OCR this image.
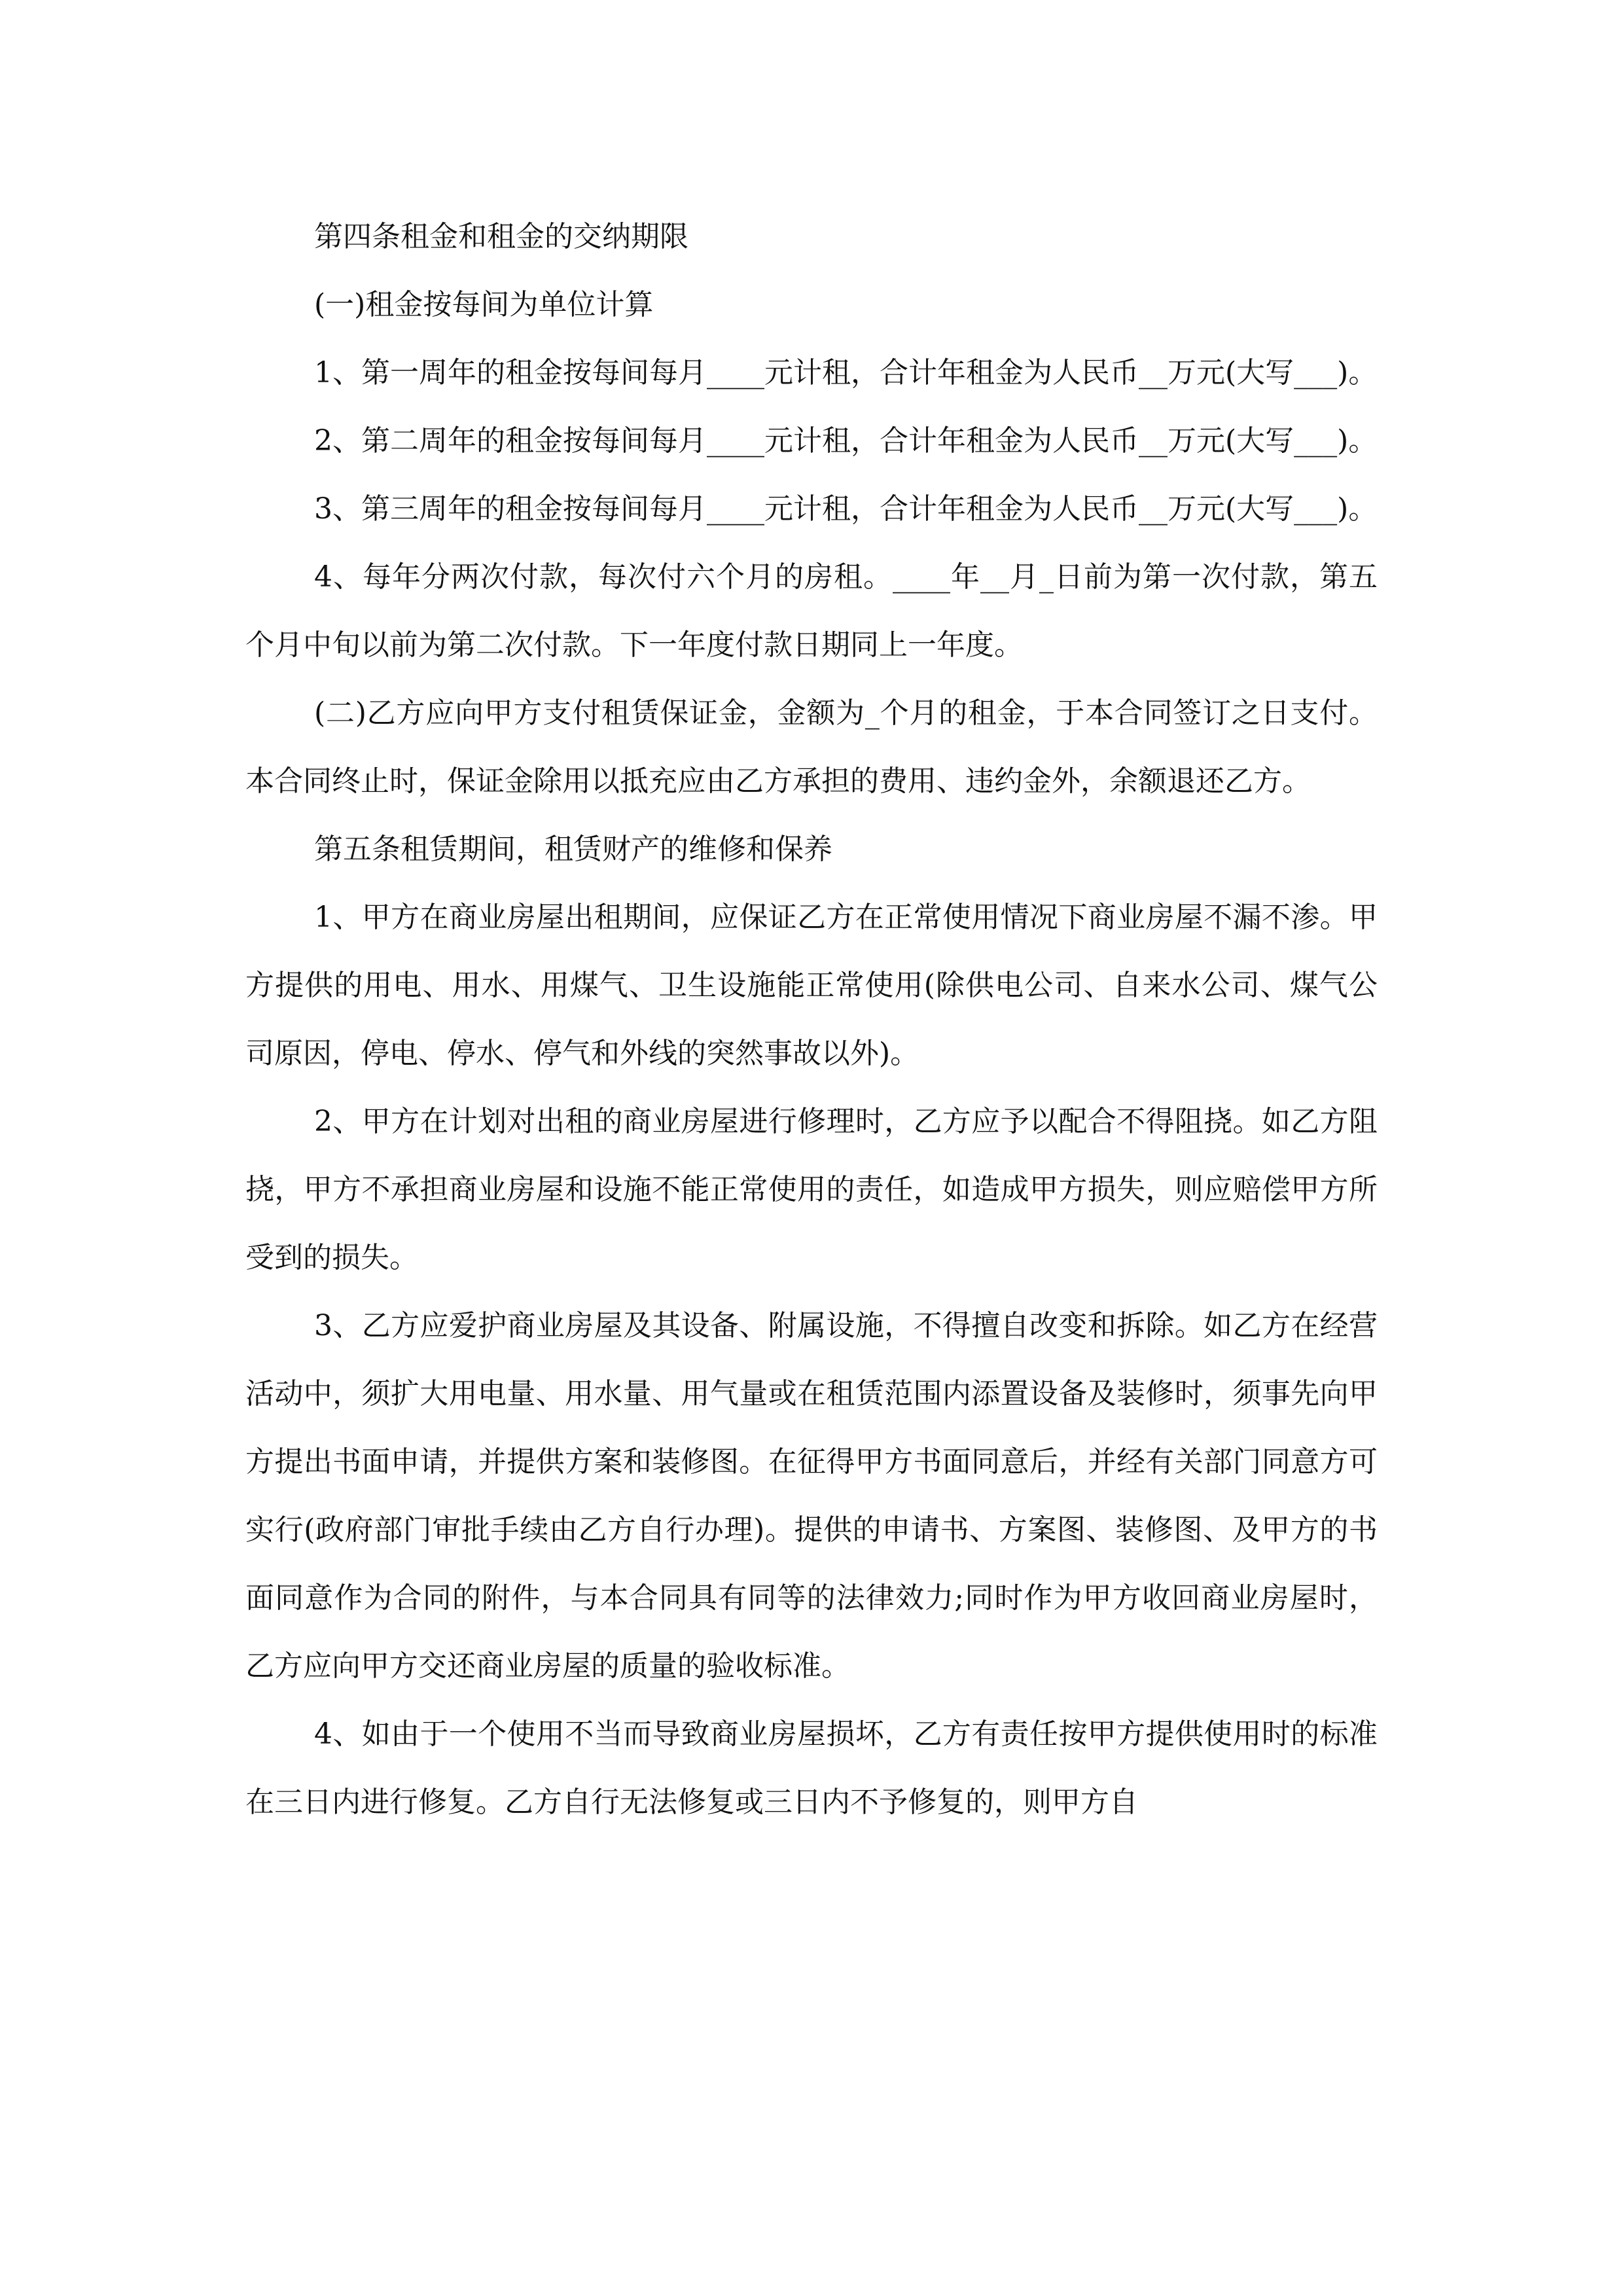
第四条租金和租金的交纳期限

(一)租金按每间为单位计算

1、第一周年的租金按每间每月____元计租，合计年租金为人民币__万元(大写___)。

2、第二周年的租金按每间每月____元计租，合计年租金为人民币__万元(大写___)。

3、第三周年的租金按每间每月____元计租，合计年租金为人民币__万元(大写___)。

4、每年分两次付款，每次付六个月的房租。____年__月_日前为第一次付款，第五个月中旬以前为第二次付款。下一年度付款日期同上一年度。

(二)乙方应向甲方支付租赁保证金，金额为_个月的租金，于本合同签订之日支付。本合同终止时，保证金除用以抵充应由乙方承担的费用、违约金外，余额退还乙方。

第五条租赁期间，租赁财产的维修和保养

1、甲方在商业房屋出租期间，应保证乙方在正常使用情况下商业房屋不漏不渗。甲方提供的用电、用水、用煤气、卫生设施能正常使用(除供电公司、自来水公司、煤气公司原因，停电、停水、停气和外线的突然事故以外)。

2、甲方在计划对出租的商业房屋进行修理时，乙方应予以配合不得阻挠。如乙方阻挠，甲方不承担商业房屋和设施不能正常使用的责任，如造成甲方损失，则应赔偿甲方所受到的损失。

3、乙方应爱护商业房屋及其设备、附属设施，不得擅自改变和拆除。如乙方在经营活动中，须扩大用电量、用水量、用气量或在租赁范围内添置设备及装修时，须事先向甲方提出书面申请，并提供方案和装修图。在征得甲方书面同意后，并经有关部门同意方可实行(政府部门审批手续由乙方自行办理)。提供的申请书、方案图、装修图、及甲方的书面同意作为合同的附件，与本合同具有同等的法律效力;同时作为甲方收回商业房屋时，乙方应向甲方交还商业房屋的质量的验收标准。

4、如由于一个使用不当而导致商业房屋损坏，乙方有责任按甲方提供使用时的标准在三日内进行修复。乙方自行无法修复或三日内不予修复的，则甲方自
